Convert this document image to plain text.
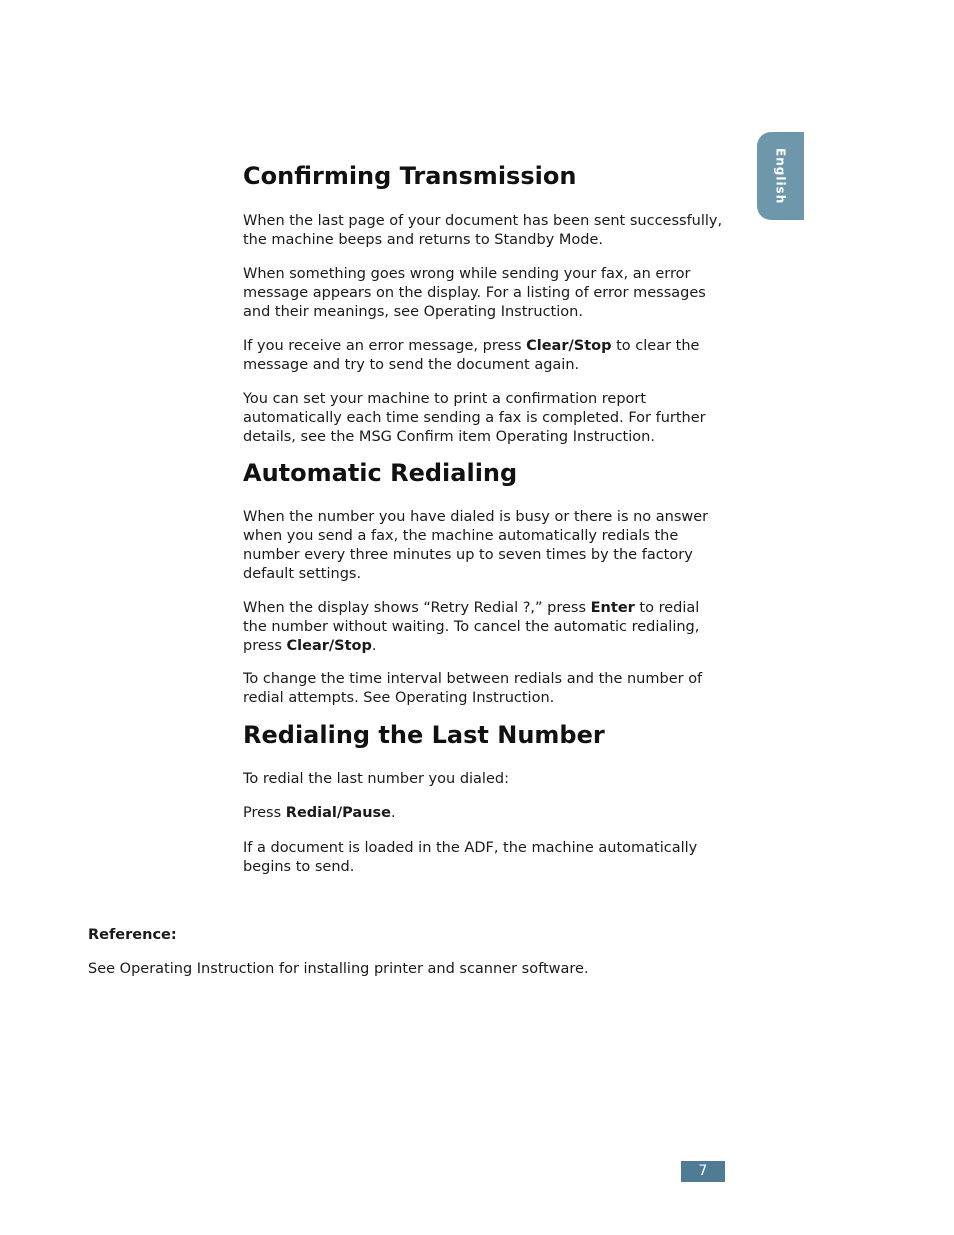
English
Confirming Transmission

When the last page of your document has been sent successfully, the machine beeps and returns to Standby Mode.

When something goes wrong while sending your fax, an error message appears on the display. For a listing of error messages and their meanings, see Operating Instruction.

If you receive an error message, press Clear/Stop to clear the message and try to send the document again.

You can set your machine to print a confirmation report automatically each time sending a fax is completed. For further details, see the MSG Confirm item Operating Instruction.

Automatic Redialing

When the number you have dialed is busy or there is no answer when you send a fax, the machine automatically redials the number every three minutes up to seven times by the factory default settings.

When the display shows “Retry Redial ?,” press Enter to redial the number without waiting. To cancel the automatic redialing, press Clear/Stop.

To change the time interval between redials and the number of redial attempts. See Operating Instruction.

Redialing the Last Number

To redial the last number you dialed:

Press Redial/Pause.

If a document is loaded in the ADF, the machine automatically begins to send.

Reference:

See Operating Instruction for installing printer and scanner software.

7
